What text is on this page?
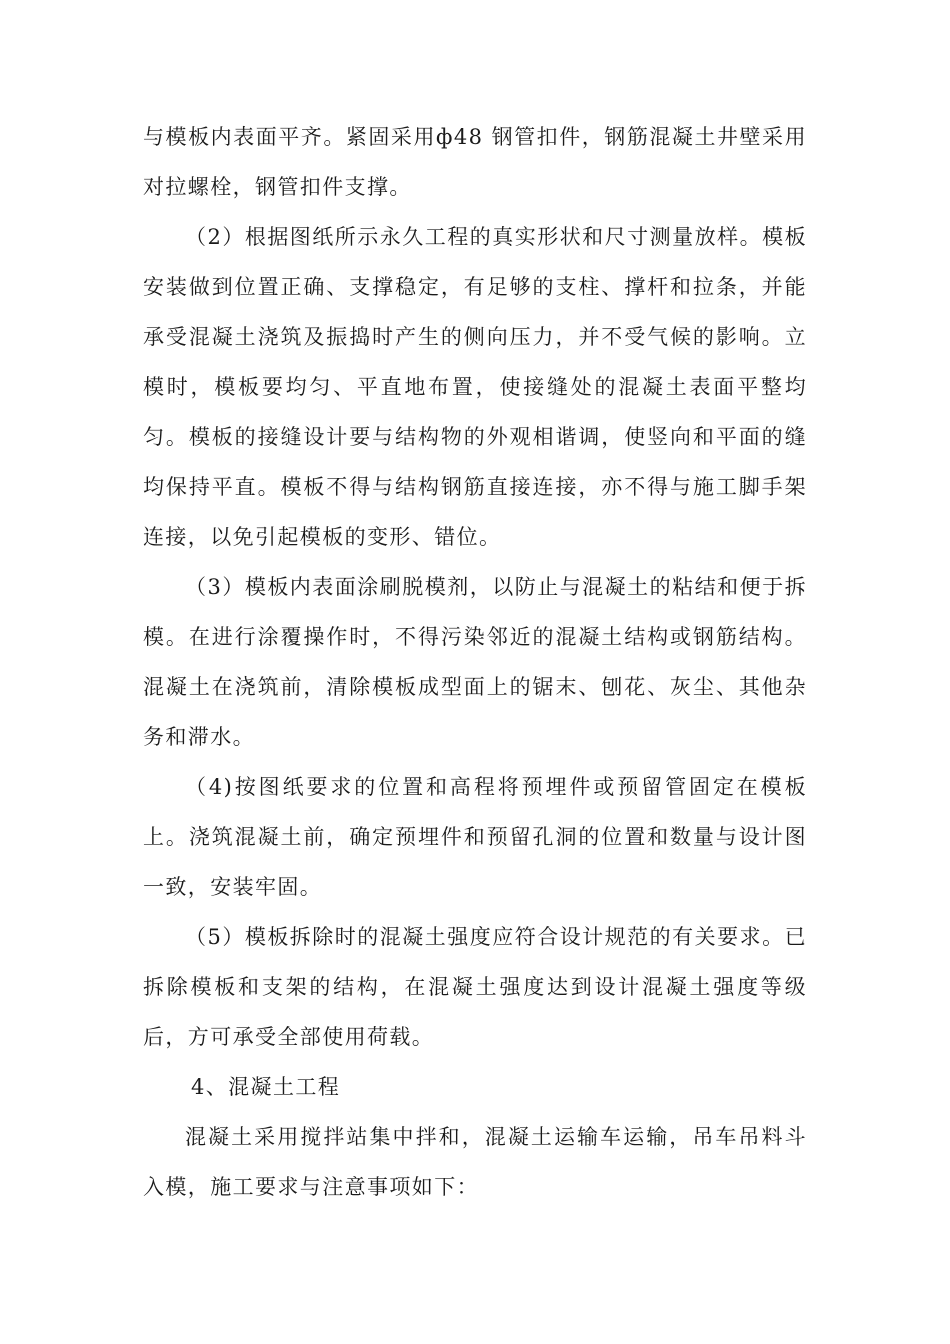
与模板内表面平齐。紧固采用ф48 钢管扣件，钢筋混凝土井壁采用对拉螺栓，钢管扣件支撑。

（2）根据图纸所示永久工程的真实形状和尺寸测量放样。模板安装做到位置正确、支撑稳定，有足够的支柱、撑杆和拉条，并能承受混凝土浇筑及振捣时产生的侧向压力，并不受气候的影响。立模时，模板要均匀、平直地布置，使接缝处的混凝土表面平整均匀。模板的接缝设计要与结构物的外观相谐调，使竖向和平面的缝均保持平直。模板不得与结构钢筋直接连接，亦不得与施工脚手架连接，以免引起模板的变形、错位。

（3）模板内表面涂刷脱模剂，以防止与混凝土的粘结和便于拆模。在进行涂覆操作时，不得污染邻近的混凝土结构或钢筋结构。混凝土在浇筑前，清除模板成型面上的锯末、刨花、灰尘、其他杂务和滞水。

（4)按图纸要求的位置和高程将预埋件或预留管固定在模板上。浇筑混凝土前，确定预埋件和预留孔洞的位置和数量与设计图一致，安装牢固。

（5）模板拆除时的混凝土强度应符合设计规范的有关要求。已拆除模板和支架的结构，在混凝土强度达到设计混凝土强度等级后，方可承受全部使用荷载。

4、混凝土工程

混凝土采用搅拌站集中拌和，混凝土运输车运输，吊车吊料斗入模，施工要求与注意事项如下：
